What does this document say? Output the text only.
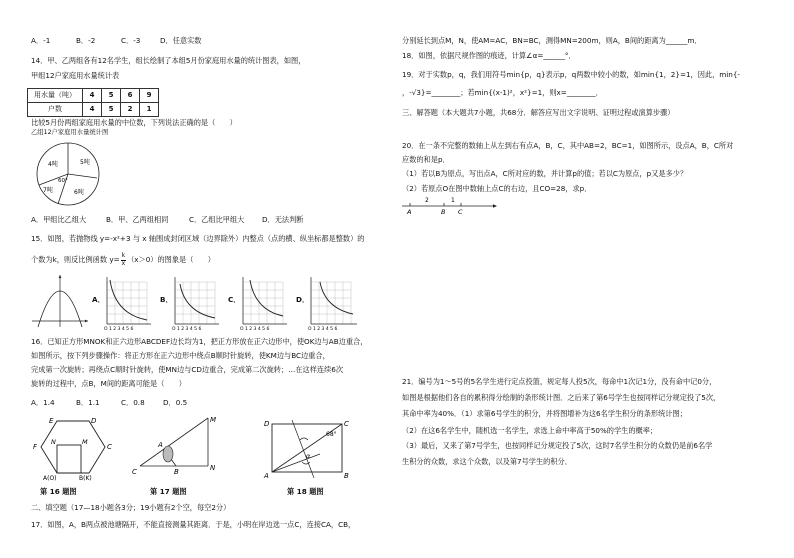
A．-1	B．-2	C．-3	D．任意实数
14．甲、乙两组各有12名学生，组长绘制了本组5月份家庭用水量的统计图表，如图，
甲组12户家庭用水量统计表
用水量（吨）	4	5	6	9
户数	4	5	2	1
比较5月份两组家庭用水量的中位数，下列说法正确的是（　　）
乙组12户家庭用水量统计图
4吨	5吨
7吨	6吨
60°
A．甲组比乙组大	B．甲、乙两组相同	C．乙组比甲组大 D．无法判断
15．如图，若抛物线 y=-x²+3 与 x 轴围成封闭区域（边界除外）内整点（点的横、纵坐标都是整数）的
个数为k，则反比例函数 $y= \frac{k}{x} (x>0)$的图象是（　　）
A．	B．	C．	D．
O 1 2 3 4 5 6	O 1 2 3 4 5 6	O 1 2 3 4 5 6	O 1 2 3 4 5 6
16．已知正方形MNOK和正六边形ABCDEF边长均为1，把正方形放在正六边形中，使OK边与AB边重合，
如图所示，按下列步骤操作：将正方形在正六边形中绕点B顺时针旋转，使KM边与BC边重合，
完成第一次旋转；再绕点C顺时针旋转，使MN边与CD边重合，完成第二次旋转；…在这样连续6次
旋转的过程中，点B，M间的距离可能是（　　）
A．1.4	B．1.1	C．0.8	D．0.5
E	D
F	C
N	M
A(O)	B(K)
M
N
A
B
C
D	C
A	B
α
68°
第 16 题图	第 17 题图	第 18 题图
二、填空题（17—18小题各3分；19小题有2个空，每空2分）
17．如图，A，B两点被池塘隔开，不能直接测量其距离．于是，小明在岸边选一点C，连接CA，CB，
分别延长到点M，N，使AM=AC，BN=BC，测得MN=200m，则A，B间的距离为______m．
18．如图，依据尺规作图的痕迹，计算∠α=______°．
19．对于实数p，q，我们用符号min{p，q}表示p，q两数中较小的数，如min{1，2}=1，因此，min{-
，-√3}=________；若min{(x-1)²，x²}=1，则x=________．
三、解答题（本大题共7小题，共68分．解答应写出文字说明、证明过程或演算步骤）
20．在一条不完整的数轴上从左到右有点A，B，C，其中AB=2，BC=1，如图所示，设点A，B，C所对
应数的和是p．
（1）若以B为原点，写出点A，C所对应的数，并计算p的值；若以C为原点，p又是多少？
（2）若原点O在图中数轴上点C的右边，且CO=28，求p．
2	1
A	B C
21．编号为1～5号的5名学生进行定点投篮，规定每人投5次，每命中1次记1分，没有命中记0分，
如图是根据他们各自的累积得分绘制的条形统计图．之后来了第6号学生也按同样记分规定投了5次，
其命中率为40%．（1）求第6号学生的积分，并将图增补为这6名学生积分的条形统计图；
（2）在这6名学生中，随机选一名学生，求选上命中率高于50%的学生的概率；
（3）最后，又来了第7号学生，也按同样记分规定投了5次，这时7名学生积分的众数仍是前6名学
生积分的众数，求这个众数，以及第7号学生的积分．
